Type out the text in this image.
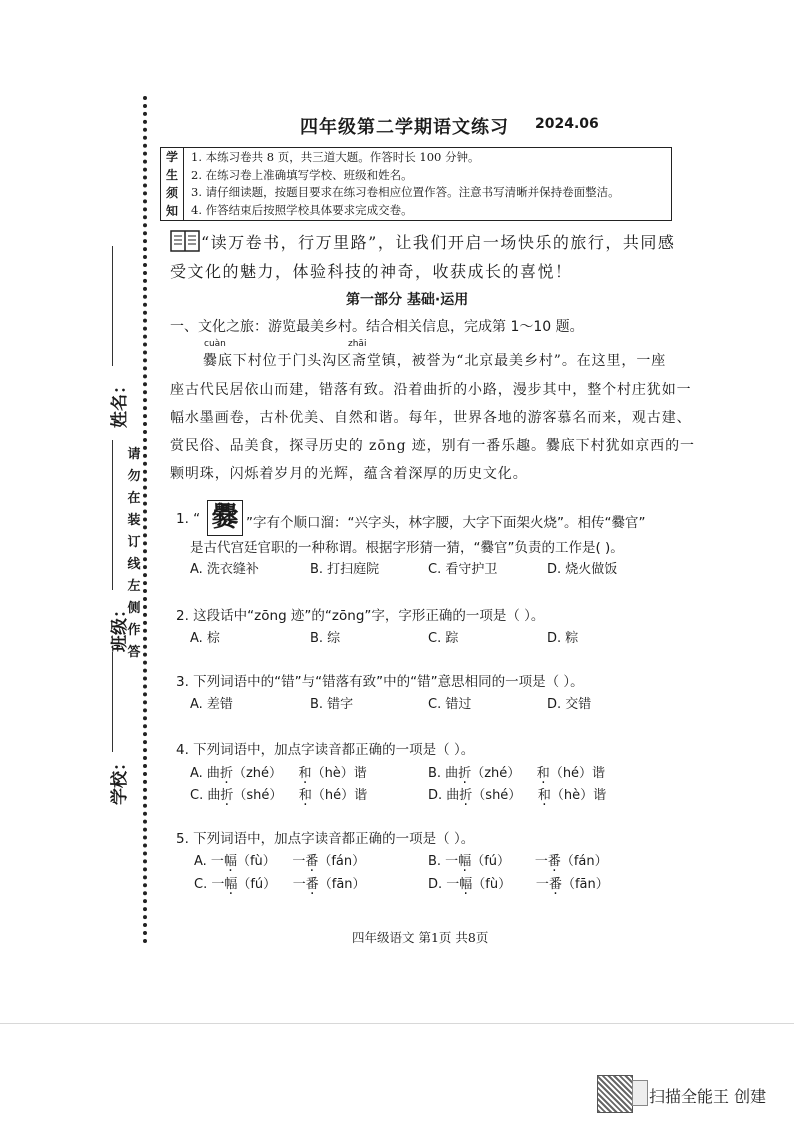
姓名：
班级：
学校：
请
勿
在
装
订
线
左
侧
作
答
四年级第二学期语文练习 2024.06
学
生
须
知
1. 本练习卷共 8 页，共三道大题。作答时长 100 分钟。
2. 在练习卷上准确填写学校、班级和姓名。
3. 请仔细读题，按题目要求在练习卷相应位置作答。注意书写清晰并保持卷面整洁。
4. 作答结束后按照学校具体要求完成交卷。
“读万卷书，行万里路”，让我们开启一场快乐的旅行，共同感
受文化的魅力，体验科技的神奇，收获成长的喜悦！
第一部分 基础·运用
一、文化之旅：游览最美乡村。结合相关信息，完成第 1～10 题。
cuàn	zhāi
爨底下村位于门头沟区斋堂镇，被誉为“北京最美乡村”。在这里，一座
座古代民居依山而建，错落有致。沿着曲折的小路，漫步其中，整个村庄犹如一
幅水墨画卷，古朴优美、自然和谐。每年，世界各地的游客慕名而来，观古建、
赏民俗、品美食，探寻历史的 zōng 迹，别有一番乐趣。爨底下村犹如京西的一
颗明珠，闪烁着岁月的光辉，蕴含着深厚的历史文化。
1. “ 爨 ”字有个顺口溜：“兴字头，林字腰，大字下面架火烧”。相传“爨官”
是古代宫廷官职的一种称谓。根据字形猜一猜，“爨官”负责的工作是( )。
A. 洗衣缝补	B. 打扫庭院	C. 看守护卫	D. 烧火做饭
2. 这段话中“zōng 迹”的“zōng”字，字形正确的一项是（ ）。
A. 棕	B. 综	C. 踪	D. 粽
3. 下列词语中的“错”与“错落有致”中的“错”意思相同的一项是（ ）。
A. 差错	B. 错字	C. 错过	D. 交错
4. 下列词语中，加点字读音都正确的一项是（ ）。
A. 曲折（zhé） 和（hè）谐	B. 曲折（zhé） 和（hé）谐
C. 曲折（shé） 和（hé）谐	D. 曲折（shé） 和（hè）谐
5. 下列词语中，加点字读音都正确的一项是（ ）。
A. 一幅（fù） 一番（fán）	B. 一幅（fú） 一番（fán）
C. 一幅（fú） 一番（fān）	D. 一幅（fù） 一番（fān）
四年级语文 第1页 共8页
扫描全能王 创建
